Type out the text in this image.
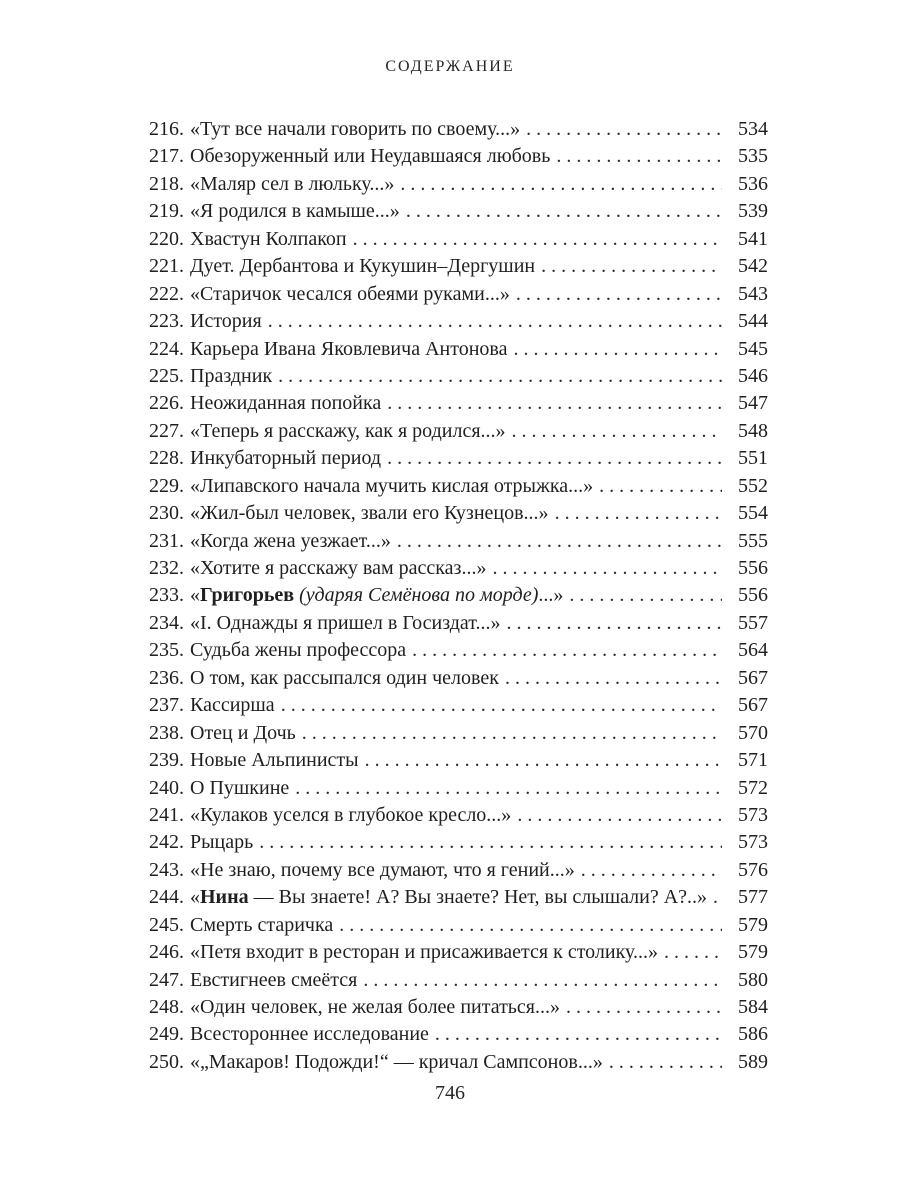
СОДЕРЖАНИЕ
216. «Тут все начали говорить по своему...» .....	534
217. Обезоруженный или Неудавшаяся любовь .....	535
218. «Маляр сел в люльку...» .....	536
219. «Я родился в камыше...» .....	539
220. Хвастун Колпакоп .....	541
221. Дует. Дербантова и Кукушин–Дергушин .....	542
222. «Старичок чесался обеями руками...» .....	543
223. История .....	544
224. Карьера Ивана Яковлевича Антонова .....	545
225. Праздник .....	546
226. Неожиданная попойка .....	547
227. «Теперь я расскажу, как я родился...» .....	548
228. Инкубаторный период .....	551
229. «Липавского начала мучить кислая отрыжка...» .....	552
230. «Жил-был человек, звали его Кузнецов...» .....	554
231. «Когда жена уезжает...» .....	555
232. «Хотите я расскажу вам рассказ...» .....	556
233. «Григорьев (ударяя Семёнова по морде)...» .....	556
234. «I. Однажды я пришел в Госиздат...» .....	557
235. Судьба жены профессора .....	564
236. О том, как рассыпался один человек .....	567
237. Кассирша .....	567
238. Отец и Дочь .....	570
239. Новые Альпинисты .....	571
240. О Пушкине .....	572
241. «Кулаков уселся в глубокое кресло...» .....	573
242. Рыцарь .....	573
243. «Не знаю, почему все думают, что я гений...» .....	576
244. «Нина — Вы знаете! А? Вы знаете? Нет, вы слышали? А?..» ..... 577
245. Смерть старичка .....	579
246. «Петя входит в ресторан и присаживается к столику...» .....	579
247. Евстигнеев смеётся .....	580
248. «Один человек, не желая более питаться...» .....	584
249. Всестороннее исследование .....	586
250. «„Макаров! Подожди!“ — кричал Сампсонов...» .....	589
746
